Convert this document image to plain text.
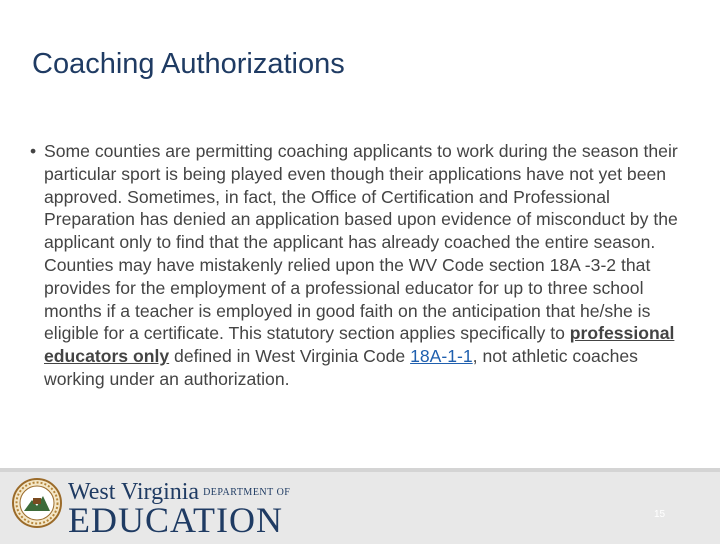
Coaching Authorizations
• Some counties are permitting coaching applicants to work during the season their particular sport is being played even though their applications have not yet been approved. Sometimes, in fact, the Office of Certification and Professional Preparation has denied an application based upon evidence of misconduct by the applicant only to find that the applicant has already coached the entire season. Counties may have mistakenly relied upon the WV Code section 18A -3-2 that provides for the employment of a professional educator for up to three school months if a teacher is employed in good faith on the anticipation that he/she is eligible for a certificate. This statutory section applies specifically to professional educators only defined in West Virginia Code 18A-1-1, not athletic coaches working under an authorization.
West Virginia DEPARTMENT OF
EDUCATION	15
